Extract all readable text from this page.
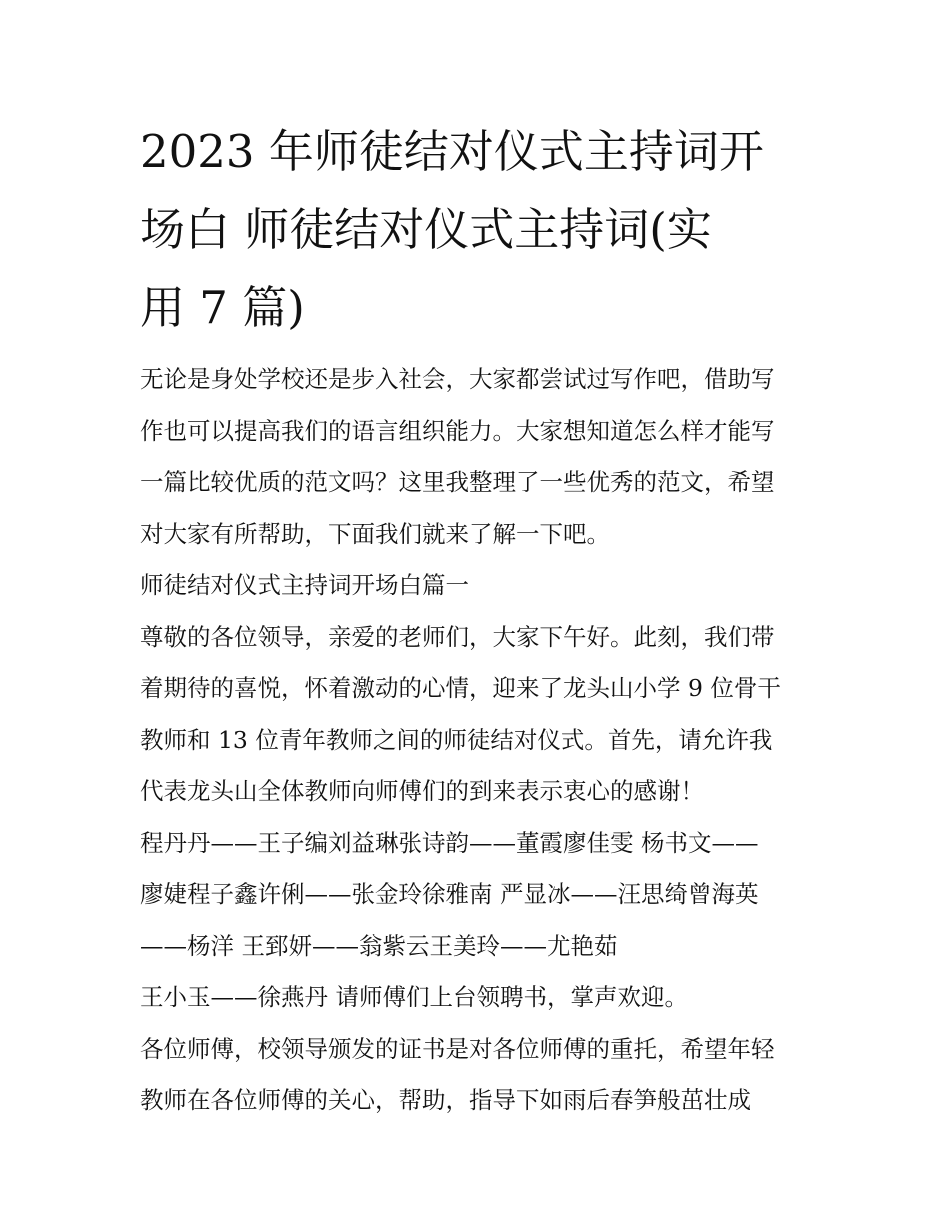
2023 年师徒结对仪式主持词开
场白 师徒结对仪式主持词(实
用 7 篇)
无论是身处学校还是步入社会，大家都尝试过写作吧，借助写
作也可以提高我们的语言组织能力。大家想知道怎么样才能写
一篇比较优质的范文吗？这里我整理了一些优秀的范文，希望
对大家有所帮助，下面我们就来了解一下吧。
师徒结对仪式主持词开场白篇一
尊敬的各位领导，亲爱的老师们，大家下午好。此刻，我们带
着期待的喜悦，怀着激动的心情，迎来了龙头山小学 9 位骨干
教师和 13 位青年教师之间的师徒结对仪式。首先，请允许我
代表龙头山全体教师向师傅们的到来表示衷心的感谢！
程丹丹——王子编刘益琳张诗韵——董霞廖佳雯 杨书文——
廖婕程子鑫许俐——张金玲徐雅南 严显冰——汪思绮曾海英
——杨洋 王郅妍——翁紫云王美玲——尤艳茹
王小玉——徐燕丹 请师傅们上台领聘书，掌声欢迎。
各位师傅，校领导颁发的证书是对各位师傅的重托，希望年轻
教师在各位师傅的关心，帮助，指导下如雨后春笋般茁壮成
